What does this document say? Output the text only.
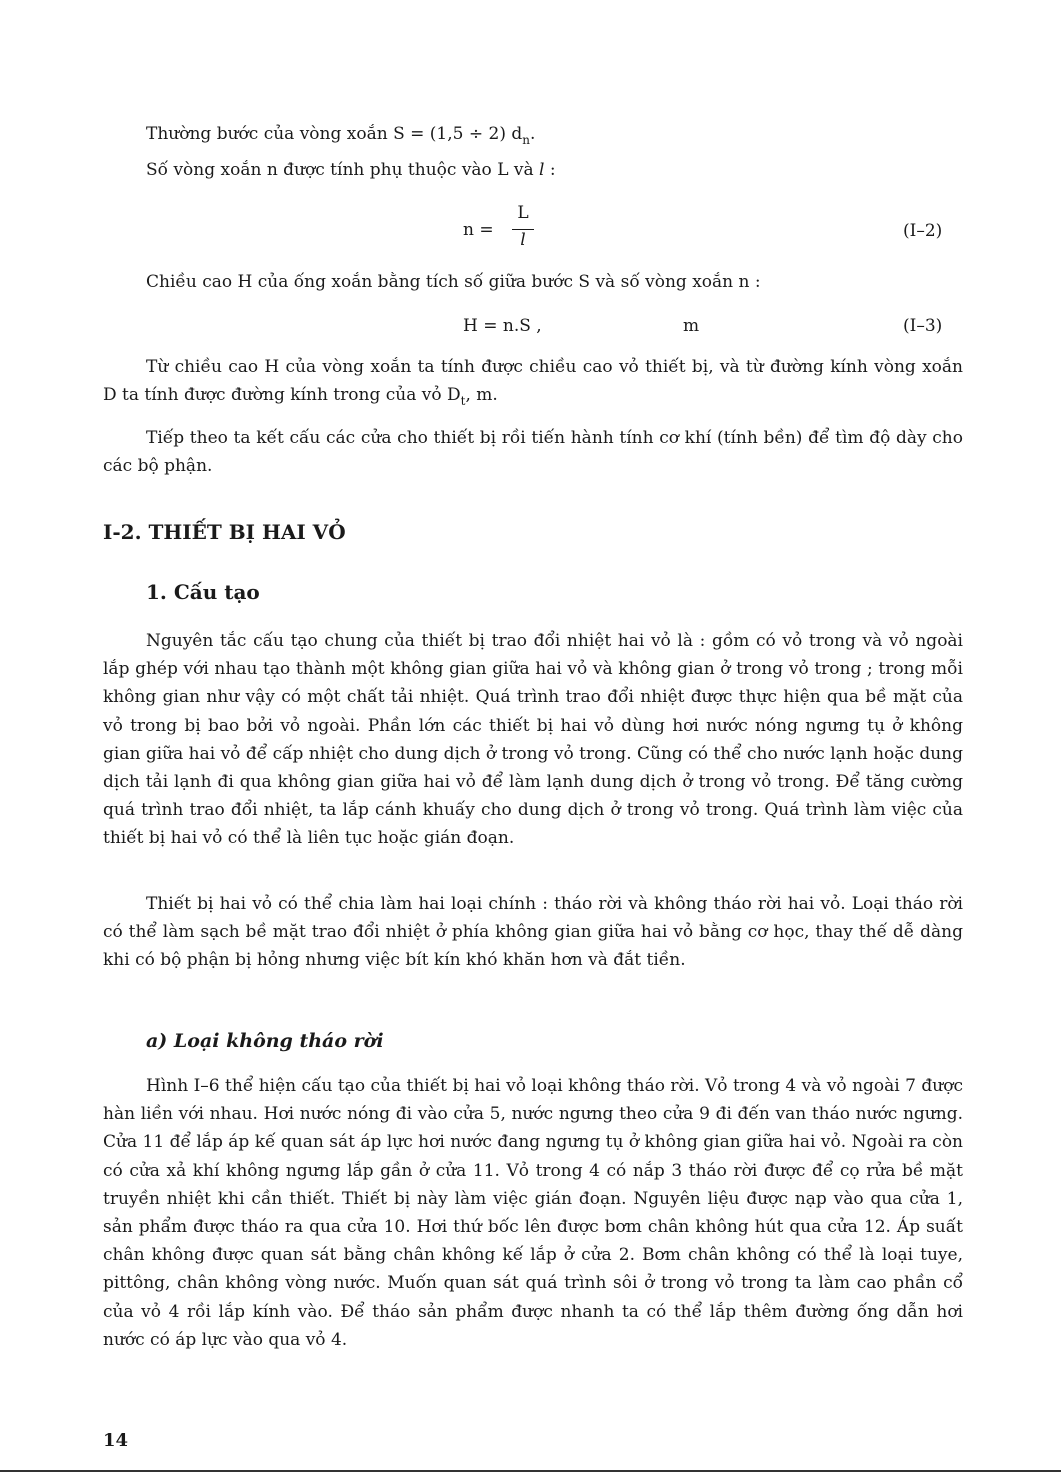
Thường bước của vòng xoắn S = (1,5 ÷ 2) $d_n$.
Số vòng xoắn n được tính phụ thuộc vào L và l :
n =
L
l	(I–2)
Chiều cao H của ống xoắn bằng tích số giữa bước S và số vòng xoắn n :
H = n.S ,	m	(I–3)

Từ chiều cao H của vòng xoắn ta tính được chiều cao vỏ thiết bị, và từ đường kính vòng xoắn D ta tính được đường kính trong của vỏ $D_t$, m.

Tiếp theo ta kết cấu các cửa cho thiết bị rồi tiến hành tính cơ khí (tính bền) để tìm độ dày cho các bộ phận.

I-2. THIẾT BỊ HAI VỎ
1. Cấu tạo

Nguyên tắc cấu tạo chung của thiết bị trao đổi nhiệt hai vỏ là : gồm có vỏ trong và vỏ ngoài lắp ghép với nhau tạo thành một không gian giữa hai vỏ và không gian ở trong vỏ trong ; trong mỗi không gian như vậy có một chất tải nhiệt. Quá trình trao đổi nhiệt được thực hiện qua bề mặt của vỏ trong bị bao bởi vỏ ngoài. Phần lớn các thiết bị hai vỏ dùng hơi nước nóng ngưng tụ ở không gian giữa hai vỏ để cấp nhiệt cho dung dịch ở trong vỏ trong. Cũng có thể cho nước lạnh hoặc dung dịch tải lạnh đi qua không gian giữa hai vỏ để làm lạnh dung dịch ở trong vỏ trong. Để tăng cường quá trình trao đổi nhiệt, ta lắp cánh khuấy cho dung dịch ở trong vỏ trong. Quá trình làm việc của thiết bị hai vỏ có thể là liên tục hoặc gián đoạn.

Thiết bị hai vỏ có thể chia làm hai loại chính : tháo rời và không tháo rời hai vỏ. Loại tháo rời có thể làm sạch bề mặt trao đổi nhiệt ở phía không gian giữa hai vỏ bằng cơ học, thay thế dễ dàng khi có bộ phận bị hỏng nhưng việc bít kín khó khăn hơn và đắt tiền.

a) Loại không tháo rời

Hình I–6 thể hiện cấu tạo của thiết bị hai vỏ loại không tháo rời. Vỏ trong 4 và vỏ ngoài 7 được hàn liền với nhau. Hơi nước nóng đi vào cửa 5, nước ngưng theo cửa 9 đi đến van tháo nước ngưng. Cửa 11 để lắp áp kế quan sát áp lực hơi nước đang ngưng tụ ở không gian giữa hai vỏ. Ngoài ra còn có cửa xả khí không ngưng lắp gần ở cửa 11. Vỏ trong 4 có nắp 3 tháo rời được để cọ rửa bề mặt truyền nhiệt khi cần thiết. Thiết bị này làm việc gián đoạn. Nguyên liệu được nạp vào qua cửa 1, sản phẩm được tháo ra qua cửa 10. Hơi thứ bốc lên được bơm chân không hút qua cửa 12. Áp suất chân không được quan sát bằng chân không kế lắp ở cửa 2. Bơm chân không có thể là loại tuye, pittông, chân không vòng nước. Muốn quan sát quá trình sôi ở trong vỏ trong ta làm cao phần cổ của vỏ 4 rồi lắp kính vào. Để tháo sản phẩm được nhanh ta có thể lắp thêm đường ống dẫn hơi nước có áp lực vào qua vỏ 4.

14
